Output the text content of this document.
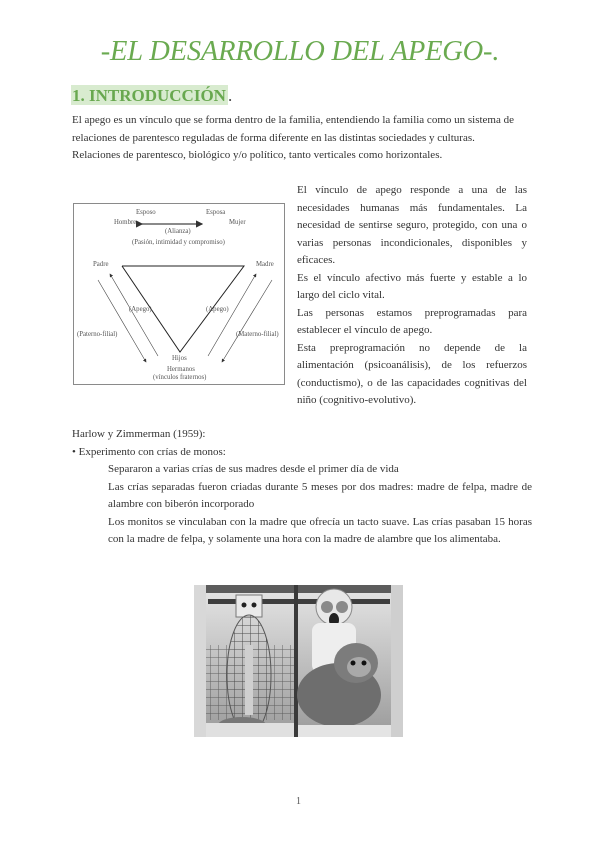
-EL DESARROLLO DEL APEGO-.
1. INTRODUCCIÓN .
El apego es un vínculo que se forma dentro de la familia, entendiendo la familia como un sistema de
relaciones de parentesco reguladas de forma diferente en las distintas sociedades y culturas.
Relaciones de parentesco, biológico y/o político, tanto verticales como horizontales.
Esposo	Esposa
Hombre	Mujer
(Alianza)
(Pasión, intimidad y compromiso)
Padre	Madre
(Apego)	(Apego)
(Paterno-filial)	(Materno-filial)
Hijos
Hermanos
(vínculos fraternos)

El vínculo de apego responde a una de las necesidades humanas más fundamentales. La necesidad de sentirse seguro, protegido, con una o varias personas incondicionales, disponibles y eficaces.

Es el vínculo afectivo más fuerte y estable a lo largo del ciclo vital.

Las personas estamos preprogramadas para establecer el vínculo de apego.

Esta preprogramación no depende de la alimentación (psicoanálisis), de los refuerzos (conductismo), o de las capacidades cognitivas del niño (cognitivo-evolutivo).

Harlow y Zimmerman (1959):
• Experimento con crías de monos:
Separaron a varias crías de sus madres desde el primer día de vida
Las crías separadas fueron criadas durante 5 meses por dos madres: madre de felpa, madre de alambre con biberón incorporado
Los monitos se vinculaban con la madre que ofrecía un tacto suave. Las crías pasaban 15 horas con la madre de felpa, y solamente una hora con la madre de alambre que los alimentaba.
1
